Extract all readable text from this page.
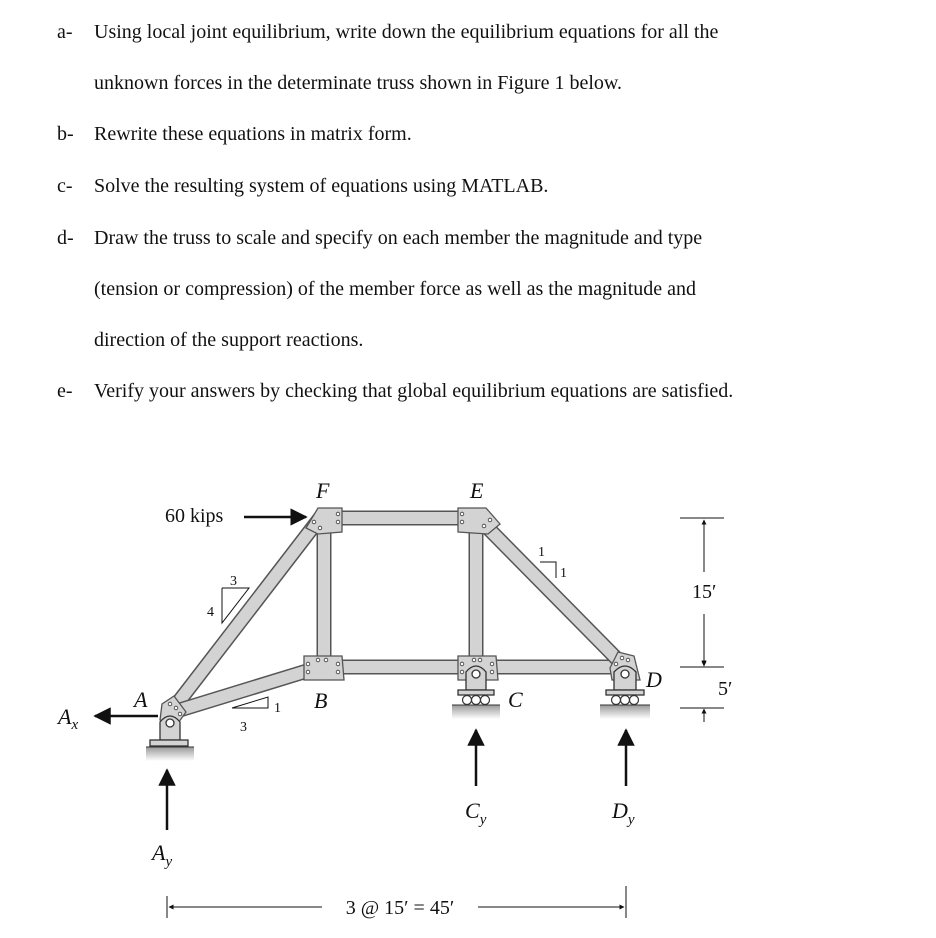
a- Using local joint equilibrium, write down the equilibrium equations for all the
unknown forces in the determinate truss shown in Figure 1 below.
b- Rewrite these equations in matrix form.
c- Solve the resulting system of equations using MATLAB.
d- Draw the truss to scale and specify on each member the magnitude and type
(tension or compression) of the member force as well as the magnitude and
direction of the support reactions.
e- Verify your answers by checking that global equilibrium equations are satisfied.
60 kips
Ax
Ay
Cy	Dy
A	B	C
D
E
F
3
4
1
3
1
1
15′
5′
3 @ 15′ = 45′
